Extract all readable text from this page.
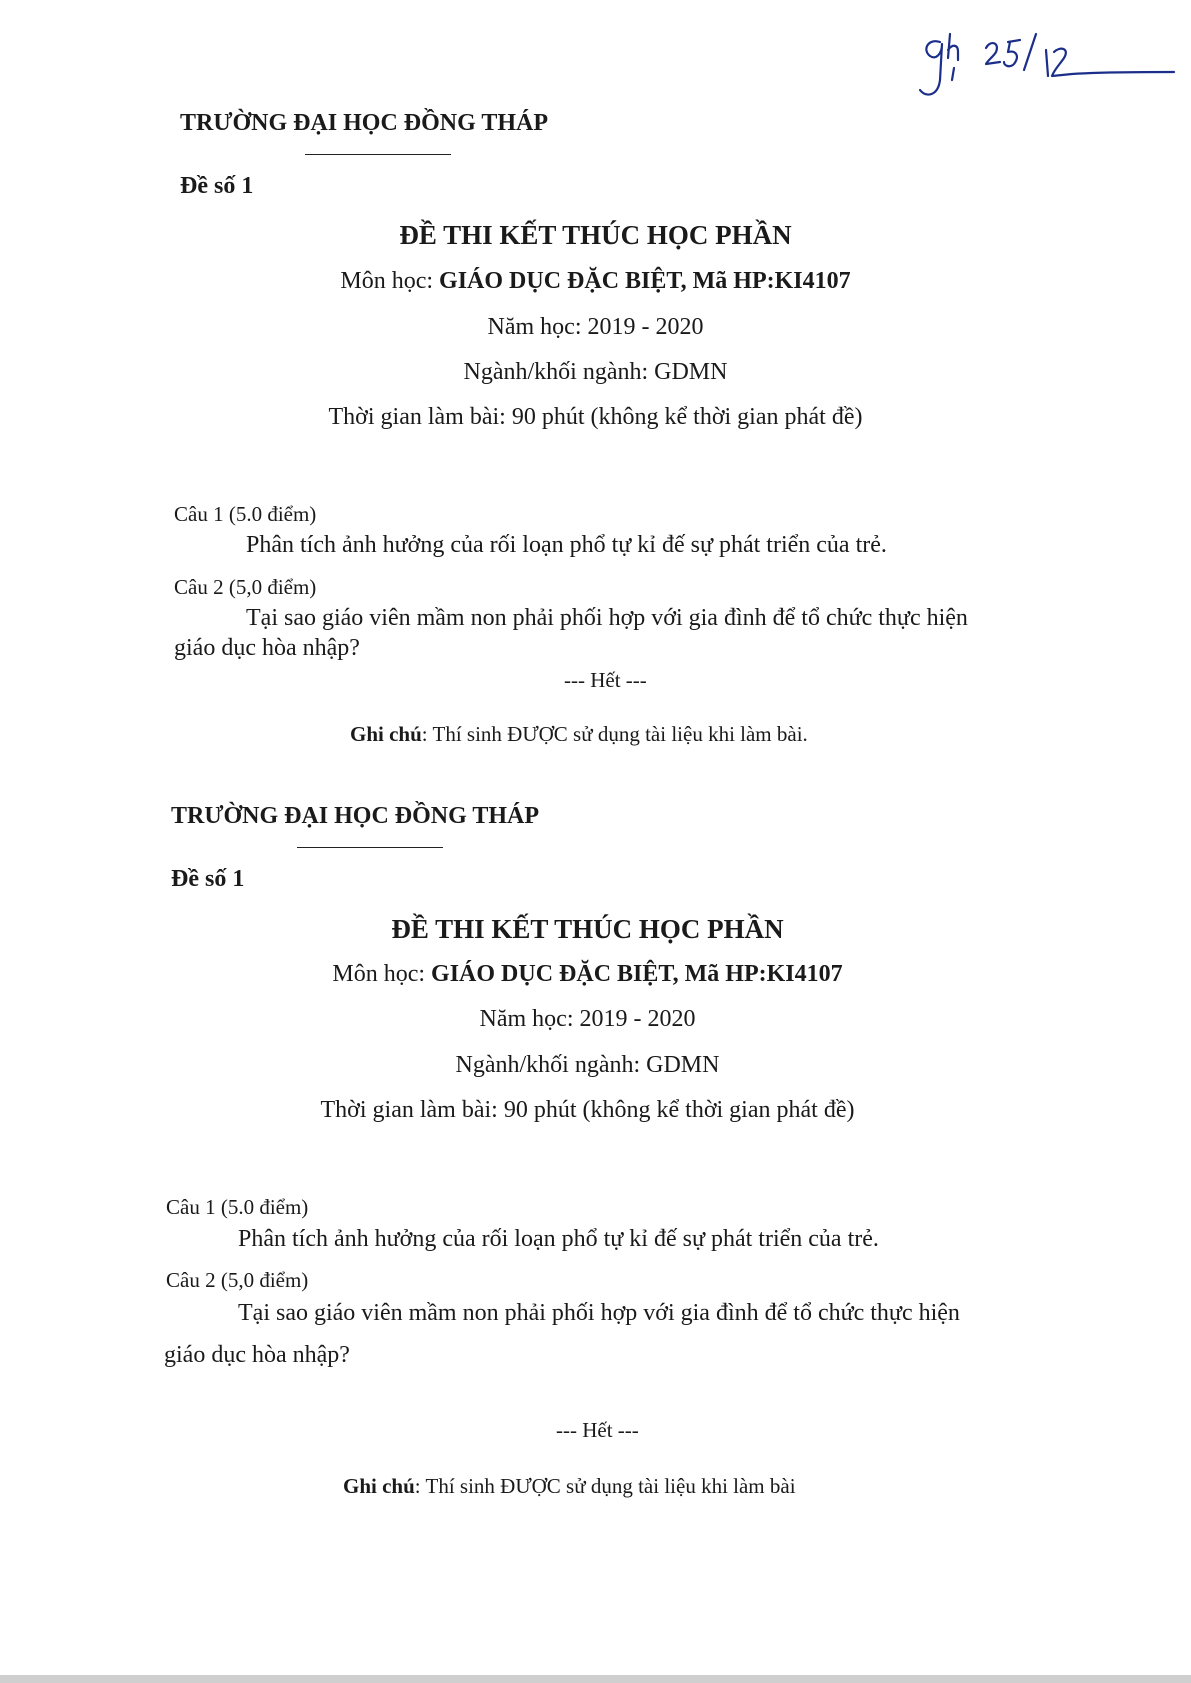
TRƯỜNG ĐẠI HỌC ĐỒNG THÁP
Đề số 1
ĐỀ THI KẾT THÚC HỌC PHẦN
Môn học: GIÁO DỤC ĐẶC BIỆT, Mã HP:KI4107
Năm học: 2019 - 2020
Ngành/khối ngành: GDMN
Thời gian làm bài: 90 phút (không kể thời gian phát đề)
Câu 1 (5.0 điểm)
Phân tích ảnh hưởng của rối loạn phổ tự kỉ đế sự phát triển của trẻ.
Câu 2 (5,0 điểm)
Tại sao giáo viên mầm non phải phối hợp với gia đình để tổ chức thực hiện
giáo dục hòa nhập?
--- Hết ---
Ghi chú: Thí sinh ĐƯỢC sử dụng tài liệu khi làm bài.
TRƯỜNG ĐẠI HỌC ĐỒNG THÁP
Đề số 1
ĐỀ THI KẾT THÚC HỌC PHẦN
Môn học: GIÁO DỤC ĐẶC BIỆT, Mã HP:KI4107
Năm học: 2019 - 2020
Ngành/khối ngành: GDMN
Thời gian làm bài: 90 phút (không kể thời gian phát đề)
Câu 1 (5.0 điểm)
Phân tích ảnh hưởng của rối loạn phổ tự kỉ đế sự phát triển của trẻ.
Câu 2 (5,0 điểm)
Tại sao giáo viên mầm non phải phối hợp với gia đình để tổ chức thực hiện
giáo dục hòa nhập?
--- Hết ---
Ghi chú: Thí sinh ĐƯỢC sử dụng tài liệu khi làm bài
